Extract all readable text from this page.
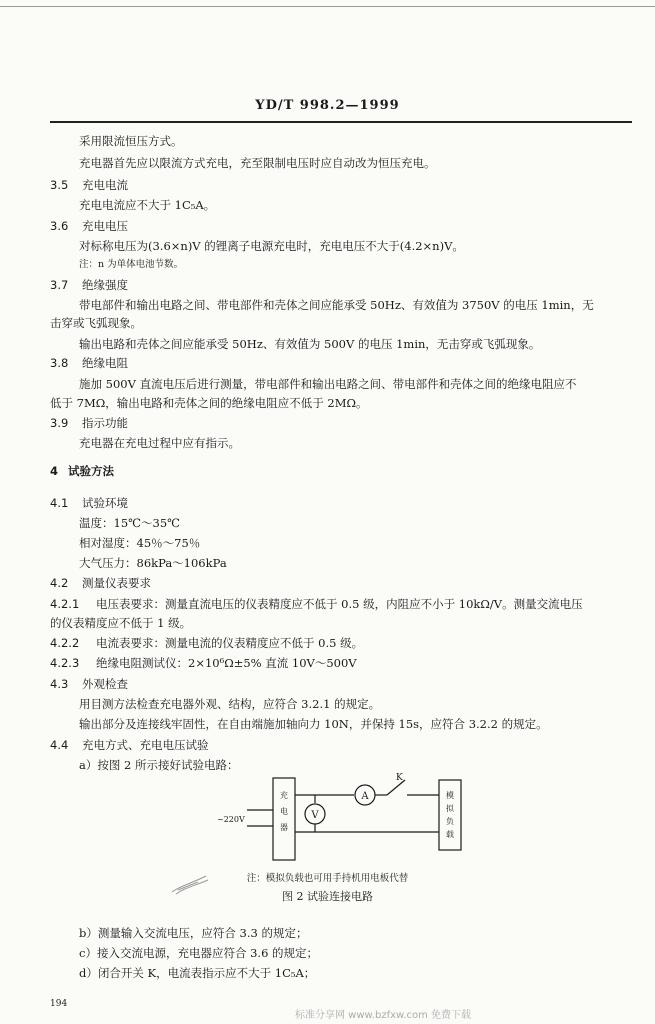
YD/T 998.2—1999
采用限流恒压方式。
充电器首先应以限流方式充电，充至限制电压时应自动改为恒压充电。
3.5 充电电流
充电电流应不大于 1C₅A。
3.6 充电电压
对标称电压为(3.6×n)V 的锂离子电源充电时，充电电压不大于(4.2×n)V。
注：n 为单体电池节数。
3.7 绝缘强度
带电部件和输出电路之间、带电部件和壳体之间应能承受 50Hz、有效值为 3750V 的电压 1min，无
击穿或飞弧现象。
输出电路和壳体之间应能承受 50Hz、有效值为 500V 的电压 1min，无击穿或飞弧现象。
3.8 绝缘电阻
施加 500V 直流电压后进行测量，带电部件和输出电路之间、带电部件和壳体之间的绝缘电阻应不
低于 7MΩ，输出电路和壳体之间的绝缘电阻应不低于 2MΩ。
3.9 指示功能
充电器在充电过程中应有指示。
4 试验方法
4.1 试验环境
温度：15℃～35℃
相对湿度：45％～75％
大气压力：86kPa～106kPa
4.2 测量仪表要求
4.2.1 电压表要求：测量直流电压的仪表精度应不低于 0.5 级，内阻应不小于 10kΩ/V。测量交流电压
的仪表精度应不低于 1 级。
4.2.2 电流表要求：测量电流的仪表精度应不低于 0.5 级。
4.2.3 绝缘电阻测试仪：2×10⁶Ω±5% 直流 10V～500V
4.3 外观检查
用目测方法检查充电器外观、结构，应符合 3.2.1 的规定。
输出部分及连接线牢固性，在自由端施加轴向力 10N，并保持 15s，应符合 3.2.2 的规定。
4.4 充电方式、充电电压试验
a）按图 2 所示接好试验电路：
~220V
A
V
K
充电器
模拟负载
注：模拟负载也可用手持机用电板代替
图 2 试验连接电路
b）测量输入交流电压，应符合 3.3 的规定；
c）接入交流电源，充电器应符合 3.6 的规定；
d）闭合开关 K，电流表指示应不大于 1C₅A；
194
标准分享网 www.bzfxw.com 免费下载
